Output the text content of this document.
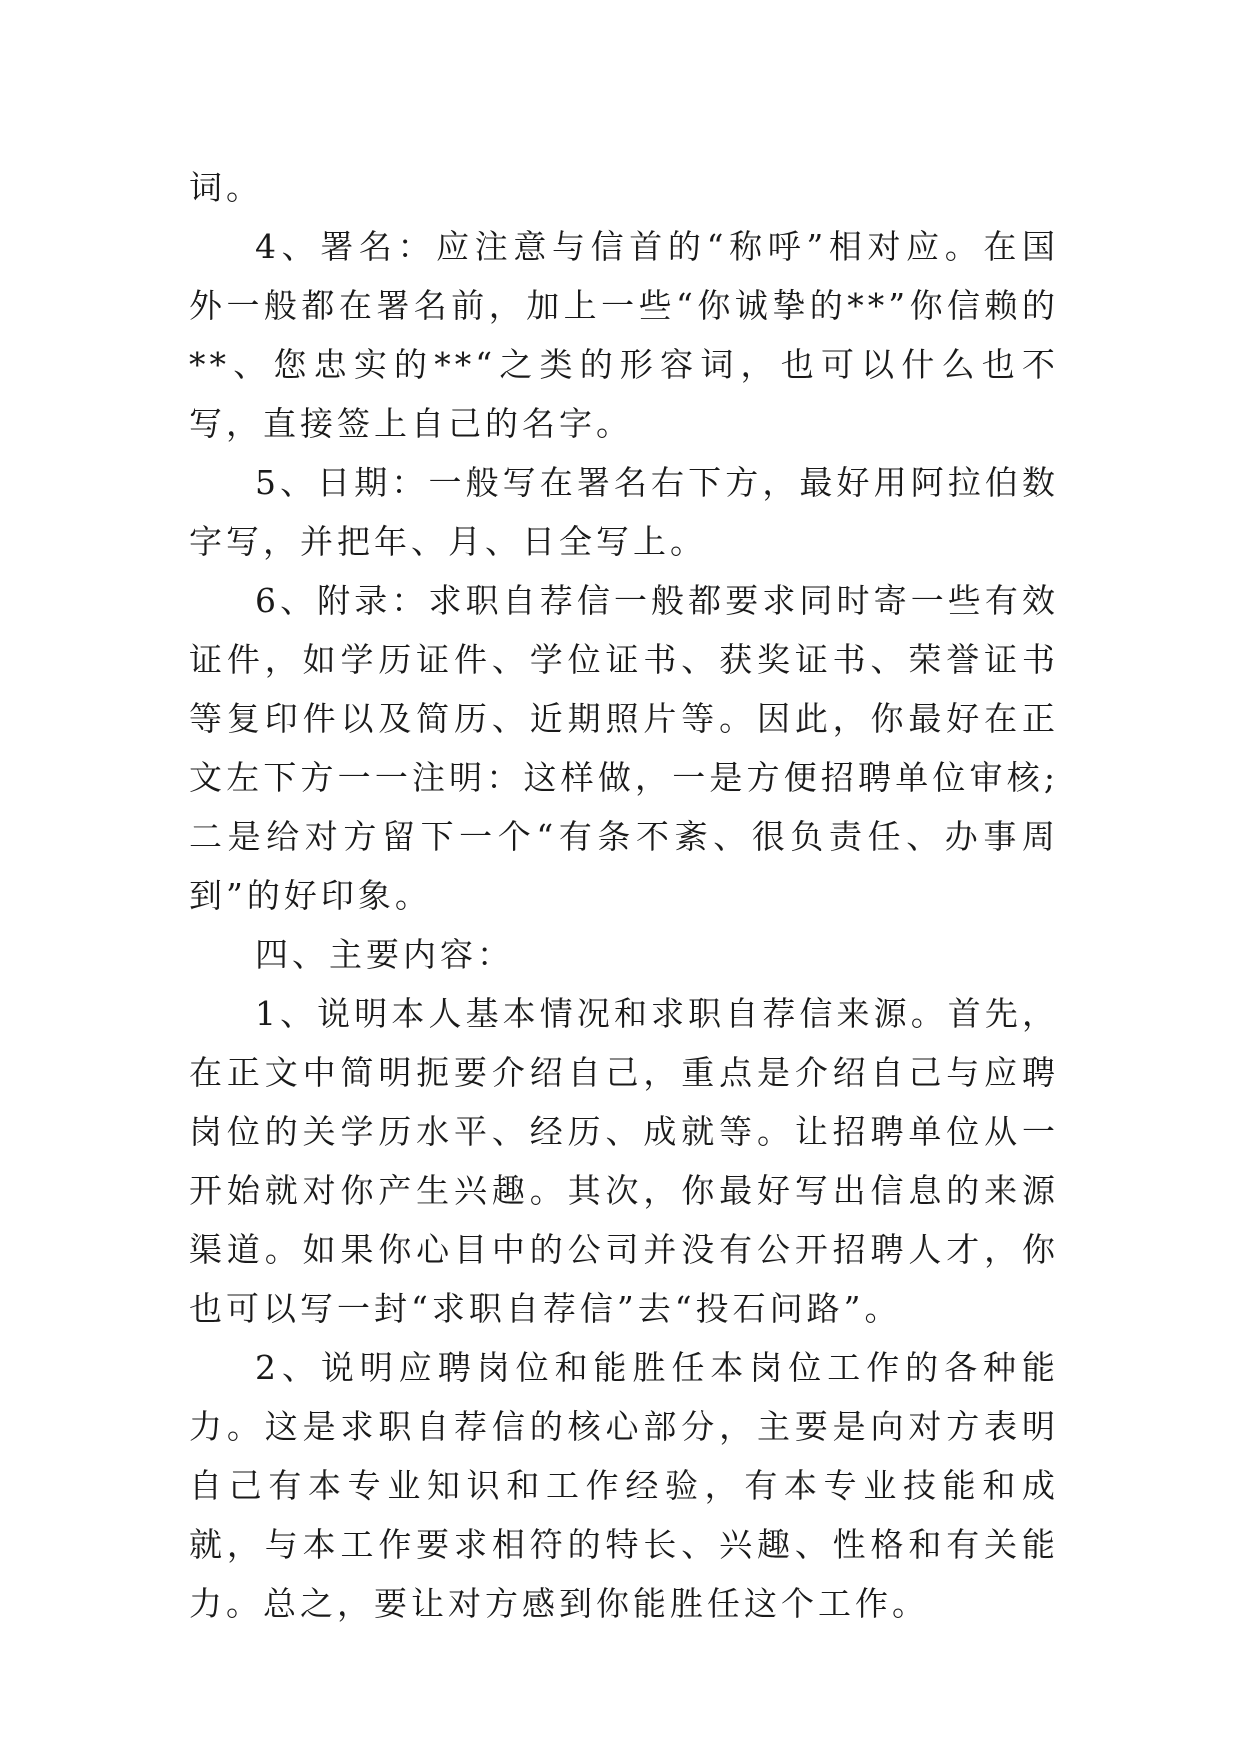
词。

4、署名：应注意与信首的“称呼”相对应。在国外一般都在署名前，加上一些“你诚挚的**”你信赖的**、您忠实的**“之类的形容词，也可以什么也不写，直接签上自己的名字。

5、日期：一般写在署名右下方，最好用阿拉伯数字写，并把年、月、日全写上。

6、附录：求职自荐信一般都要求同时寄一些有效证件，如学历证件、学位证书、获奖证书、荣誉证书等复印件以及简历、近期照片等。因此，你最好在正文左下方一一注明：这样做，一是方便招聘单位审核;二是给对方留下一个“有条不紊、很负责任、办事周到”的好印象。

四、主要内容：

1、说明本人基本情况和求职自荐信来源。首先，在正文中简明扼要介绍自己，重点是介绍自己与应聘岗位的关学历水平、经历、成就等。让招聘单位从一开始就对你产生兴趣。其次，你最好写出信息的来源渠道。如果你心目中的公司并没有公开招聘人才，你也可以写一封“求职自荐信”去“投石问路”。

2、说明应聘岗位和能胜任本岗位工作的各种能力。这是求职自荐信的核心部分，主要是向对方表明自己有本专业知识和工作经验，有本专业技能和成就，与本工作要求相符的特长、兴趣、性格和有关能力。总之，要让对方感到你能胜任这个工作。
